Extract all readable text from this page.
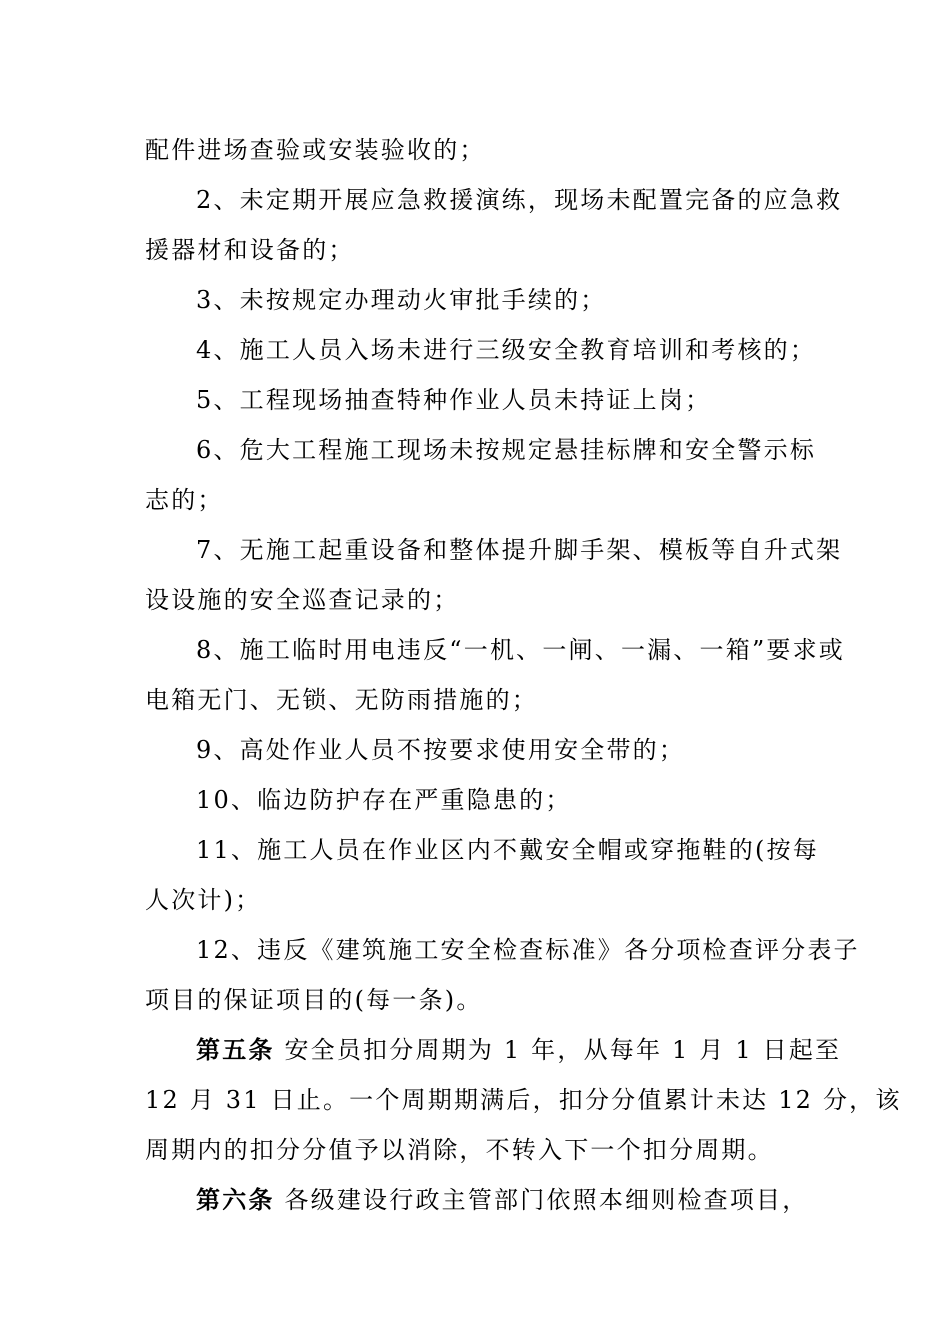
配件进场查验或安装验收的；
2、未定期开展应急救援演练，现场未配置完备的应急救
援器材和设备的；
3、未按规定办理动火审批手续的；
4、施工人员入场未进行三级安全教育培训和考核的；
5、工程现场抽查特种作业人员未持证上岗；
6、危大工程施工现场未按规定悬挂标牌和安全警示标
志的；
7、无施工起重设备和整体提升脚手架、模板等自升式架
设设施的安全巡查记录的；
8、施工临时用电违反“一机、一闸、一漏、一箱”要求或
电箱无门、无锁、无防雨措施的；
9、高处作业人员不按要求使用安全带的；
10、临边防护存在严重隐患的；
11、施工人员在作业区内不戴安全帽或穿拖鞋的(按每
人次计)；
12、违反《建筑施工安全检查标准》各分项检查评分表子
项目的保证项目的(每一条)。
第五条 安全员扣分周期为 1 年，从每年 1 月 1 日起至
12 月 31 日止。一个周期期满后，扣分分值累计未达 12 分，该
周期内的扣分分值予以消除，不转入下一个扣分周期。
第六条 各级建设行政主管部门依照本细则检查项目，
